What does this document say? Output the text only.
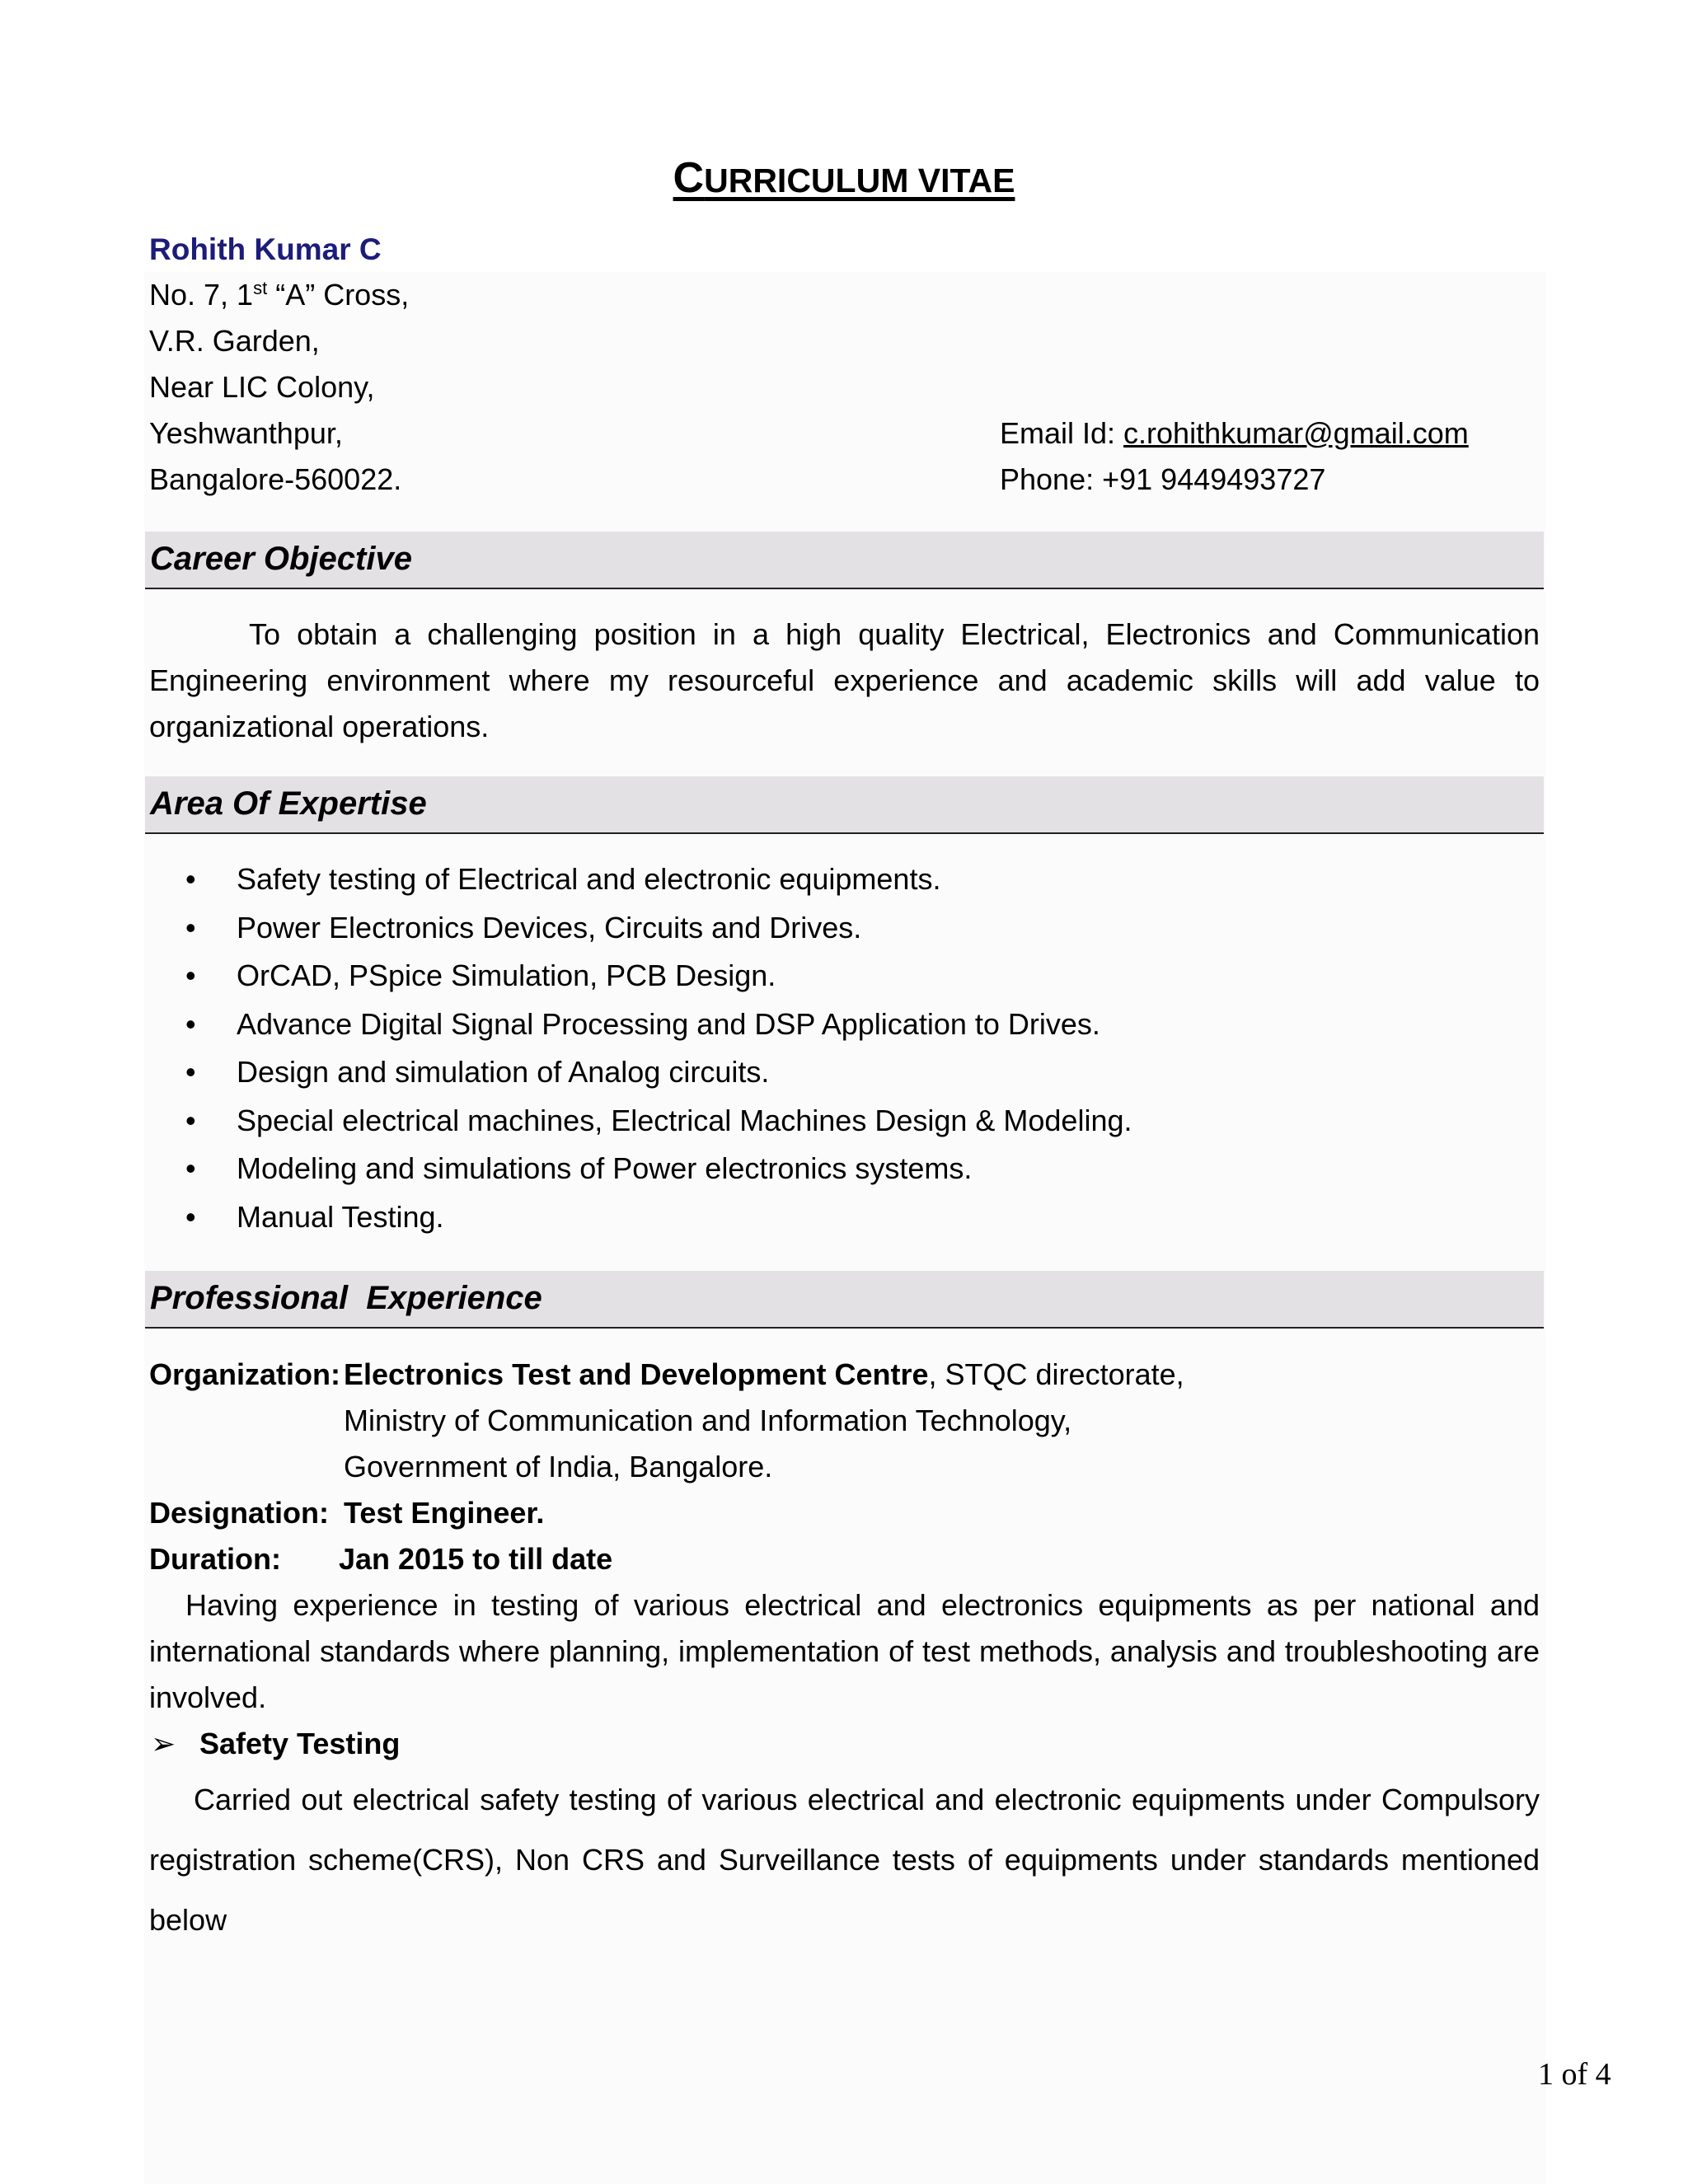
CURRICULUM VITAE
Rohith Kumar C
No. 7, 1st “A” Cross,
V.R. Garden,
Near LIC Colony,
Yeshwanthpur,
Bangalore-560022.
Email Id: c.rohithkumar@gmail.com
Phone: +91 9449493727
Career Objective
To obtain a challenging position in a high quality Electrical, Electronics and Communication Engineering environment where my resourceful experience and academic skills will add value to organizational operations.
Area Of Expertise
• Safety testing of Electrical and electronic equipments.
• Power Electronics Devices, Circuits and Drives.
• OrCAD, PSpice Simulation, PCB Design.
• Advance Digital Signal Processing and DSP Application to Drives.
• Design and simulation of Analog circuits.
• Special electrical machines, Electrical Machines Design & Modeling.
• Modeling and simulations of Power electronics systems.
• Manual Testing.
Professional  Experience
Organization: Electronics Test and Development Centre, STQC directorate,
Ministry of Communication and Information Technology,
Government of India, Bangalore.
Designation: Test Engineer.
Duration: Jan 2015 to till date
Having experience in testing of various electrical and electronics equipments as per national and international standards where planning, implementation of test methods, analysis and troubleshooting are involved.
➢ Safety Testing
Carried out electrical safety testing of various electrical and electronic equipments under Compulsory registration scheme(CRS), Non CRS and Surveillance tests of equipments under standards mentioned below
1 of 4
